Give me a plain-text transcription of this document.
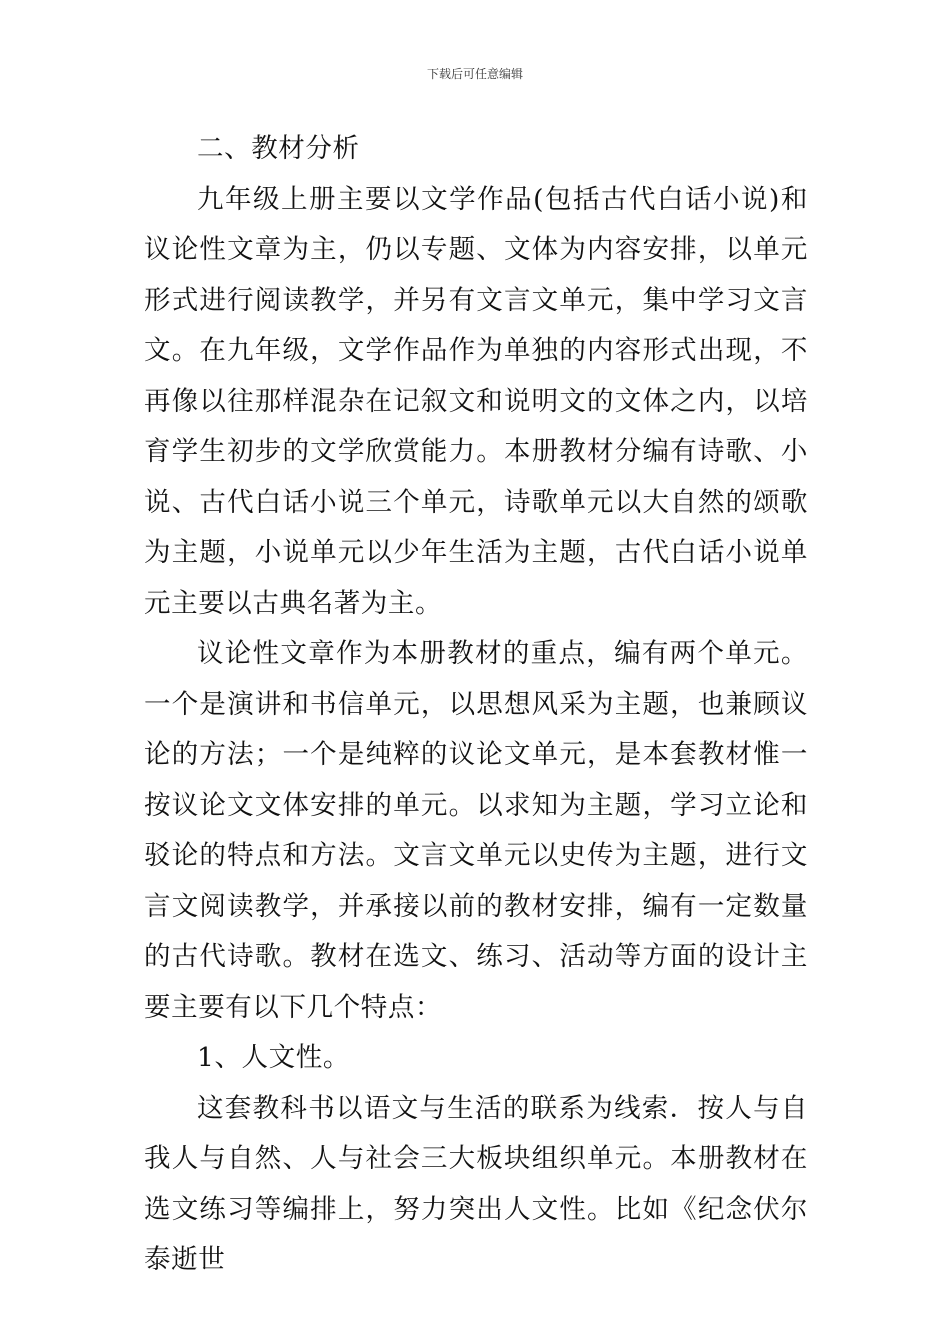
下载后可任意编辑

二、教材分析

九年级上册主要以文学作品(包括古代白话小说)和议论性文章为主，仍以专题、文体为内容安排，以单元形式进行阅读教学，并另有文言文单元，集中学习文言文。在九年级，文学作品作为单独的内容形式出现，不再像以往那样混杂在记叙文和说明文的文体之内，以培育学生初步的文学欣赏能力。本册教材分编有诗歌、小说、古代白话小说三个单元，诗歌单元以大自然的颂歌为主题，小说单元以少年生活为主题，古代白话小说单元主要以古典名著为主。

议论性文章作为本册教材的重点，编有两个单元。一个是演讲和书信单元，以思想风采为主题，也兼顾议论的方法；一个是纯粹的议论文单元，是本套教材惟一按议论文文体安排的单元。以求知为主题，学习立论和驳论的特点和方法。文言文单元以史传为主题，进行文言文阅读教学，并承接以前的教材安排，编有一定数量的古代诗歌。教材在选文、练习、活动等方面的设计主要主要有以下几个特点：

1、人文性。

这套教科书以语文与生活的联系为线索．按人与自我人与自然、人与社会三大板块组织单元。本册教材在选文练习等编排上，努力突出人文性。比如《纪念伏尔泰逝世
